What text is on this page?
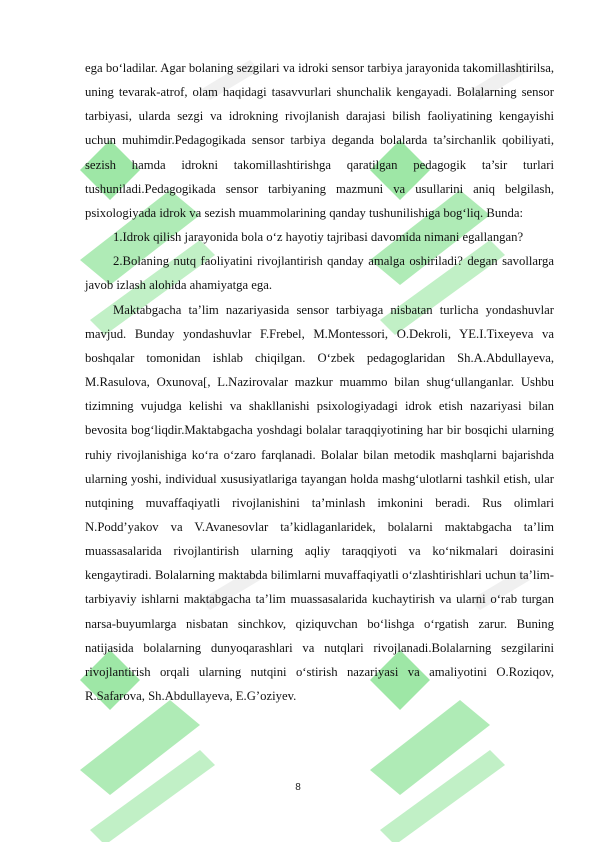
ega bo‘ladilar. Agar bolaning sezgilari va idroki sensor tarbiya jarayonida takomillashtirilsa, uning tevarak-atrof, olam haqidagi tasavvurlari shunchalik kengayadi. Bolalarning sensor tarbiyasi, ularda sezgi va idrokning rivojlanish darajasi bilish faoliyatining kengayishi uchun muhimdir.Pedagogikada sensor tarbiya deganda bolalarda ta’sirchanlik qobiliyati, sezish hamda idrokni takomillashtirishga qaratilgan pedagogik ta’sir turlari tushuniladi.Pedagogikada sensor tarbiyaning mazmuni va usullarini aniq belgilash, psixologiyada idrok va sezish muammolarining qanday tushunilishiga bog‘liq. Bunda:

1.Idrok qilish jarayonida bola o‘z hayotiy tajribasi davomida nimani egallangan?

2.Bolaning nutq faoliyatini rivojlantirish qanday amalga oshiriladi? degan savollarga javob izlash alohida ahamiyatga ega.

Maktabgacha ta’lim nazariyasida sensor tarbiyaga nisbatan turlicha yondashuvlar mavjud. Bunday yondashuvlar F.Frebel, M.Montessori, O.Dekroli, YE.I.Tixeyeva va boshqalar tomonidan ishlab chiqilgan. O‘zbek pedagoglaridan Sh.A.Abdullayeva, M.Rasulova, Oxunova[, L.Nazirovalar mazkur muammo bilan shug‘ullanganlar. Ushbu tizimning vujudga kelishi va shakllanishi psixologiyadagi idrok etish nazariyasi bilan bevosita bog‘liqdir.Maktabgacha yoshdagi bolalar taraqqiyotining har bir bosqichi ularning ruhiy rivojlanishiga ko‘ra o‘zaro farqlanadi. Bolalar bilan metodik mashqlarni bajarishda ularning yoshi, individual xususiyatlariga tayangan holda mashg‘ulotlarni tashkil etish, ular nutqining muvaffaqiyatli rivojlanishini ta’minlash imkonini beradi. Rus olimlari N.Podd’yakov va V.Avanesovlar ta’kidlaganlaridek, bolalarni maktabgacha ta’lim muassasalarida rivojlantirish ularning aqliy taraqqiyoti va ko‘nikmalari doirasini kengaytiradi. Bolalarning maktabda bilimlarni muvaffaqiyatli o‘zlashtirishlari uchun ta’lim- tarbiyaviy ishlarni maktabgacha ta’lim muassasalarida kuchaytirish va ularni o‘rab turgan narsa-buyumlarga nisbatan sinchkov, qiziquvchan bo‘lishga o‘rgatish zarur. Buning natijasida bolalarning dunyoqarashlari va nutqlari rivojlanadi.Bolalarning sezgilarini rivojlantirish orqali ularning nutqini o‘stirish nazariyasi va amaliyotini O.Roziqov, R.Safarova, Sh.Abdullayeva, E.G’oziyev.

8
